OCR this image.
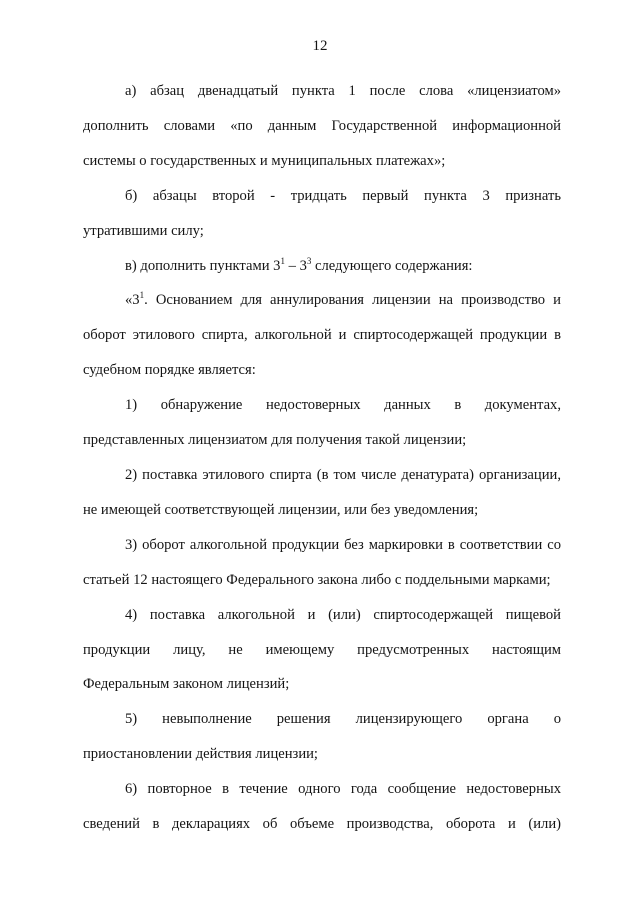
12

а) абзац двенадцатый пункта 1 после слова «лицензиатом»

дополнить словами «по данным Государственной информационной

системы о государственных и муниципальных платежах»;

б) абзацы второй - тридцать первый пункта 3 признать

утратившими силу;

в) дополнить пунктами $3^1 - 3^3$ следующего содержания:

«$3^1$. Основанием для аннулирования лицензии на производство и

оборот этилового спирта, алкогольной и спиртосодержащей продукции в

судебном порядке является:

1) обнаружение недостоверных данных в документах,

представленных лицензиатом для получения такой лицензии;

2) поставка этилового спирта (в том числе денатурата) организации,

не имеющей соответствующей лицензии, или без уведомления;

3) оборот алкогольной продукции без маркировки в соответствии со

статьей 12 настоящего Федерального закона либо с поддельными марками;

4) поставка алкогольной и (или) спиртосодержащей пищевой

продукции лицу, не имеющему предусмотренных настоящим

Федеральным законом лицензий;

5) невыполнение решения лицензирующего органа о

приостановлении действия лицензии;

6) повторное в течение одного года сообщение недостоверных

сведений в декларациях об объеме производства, оборота и (или)
